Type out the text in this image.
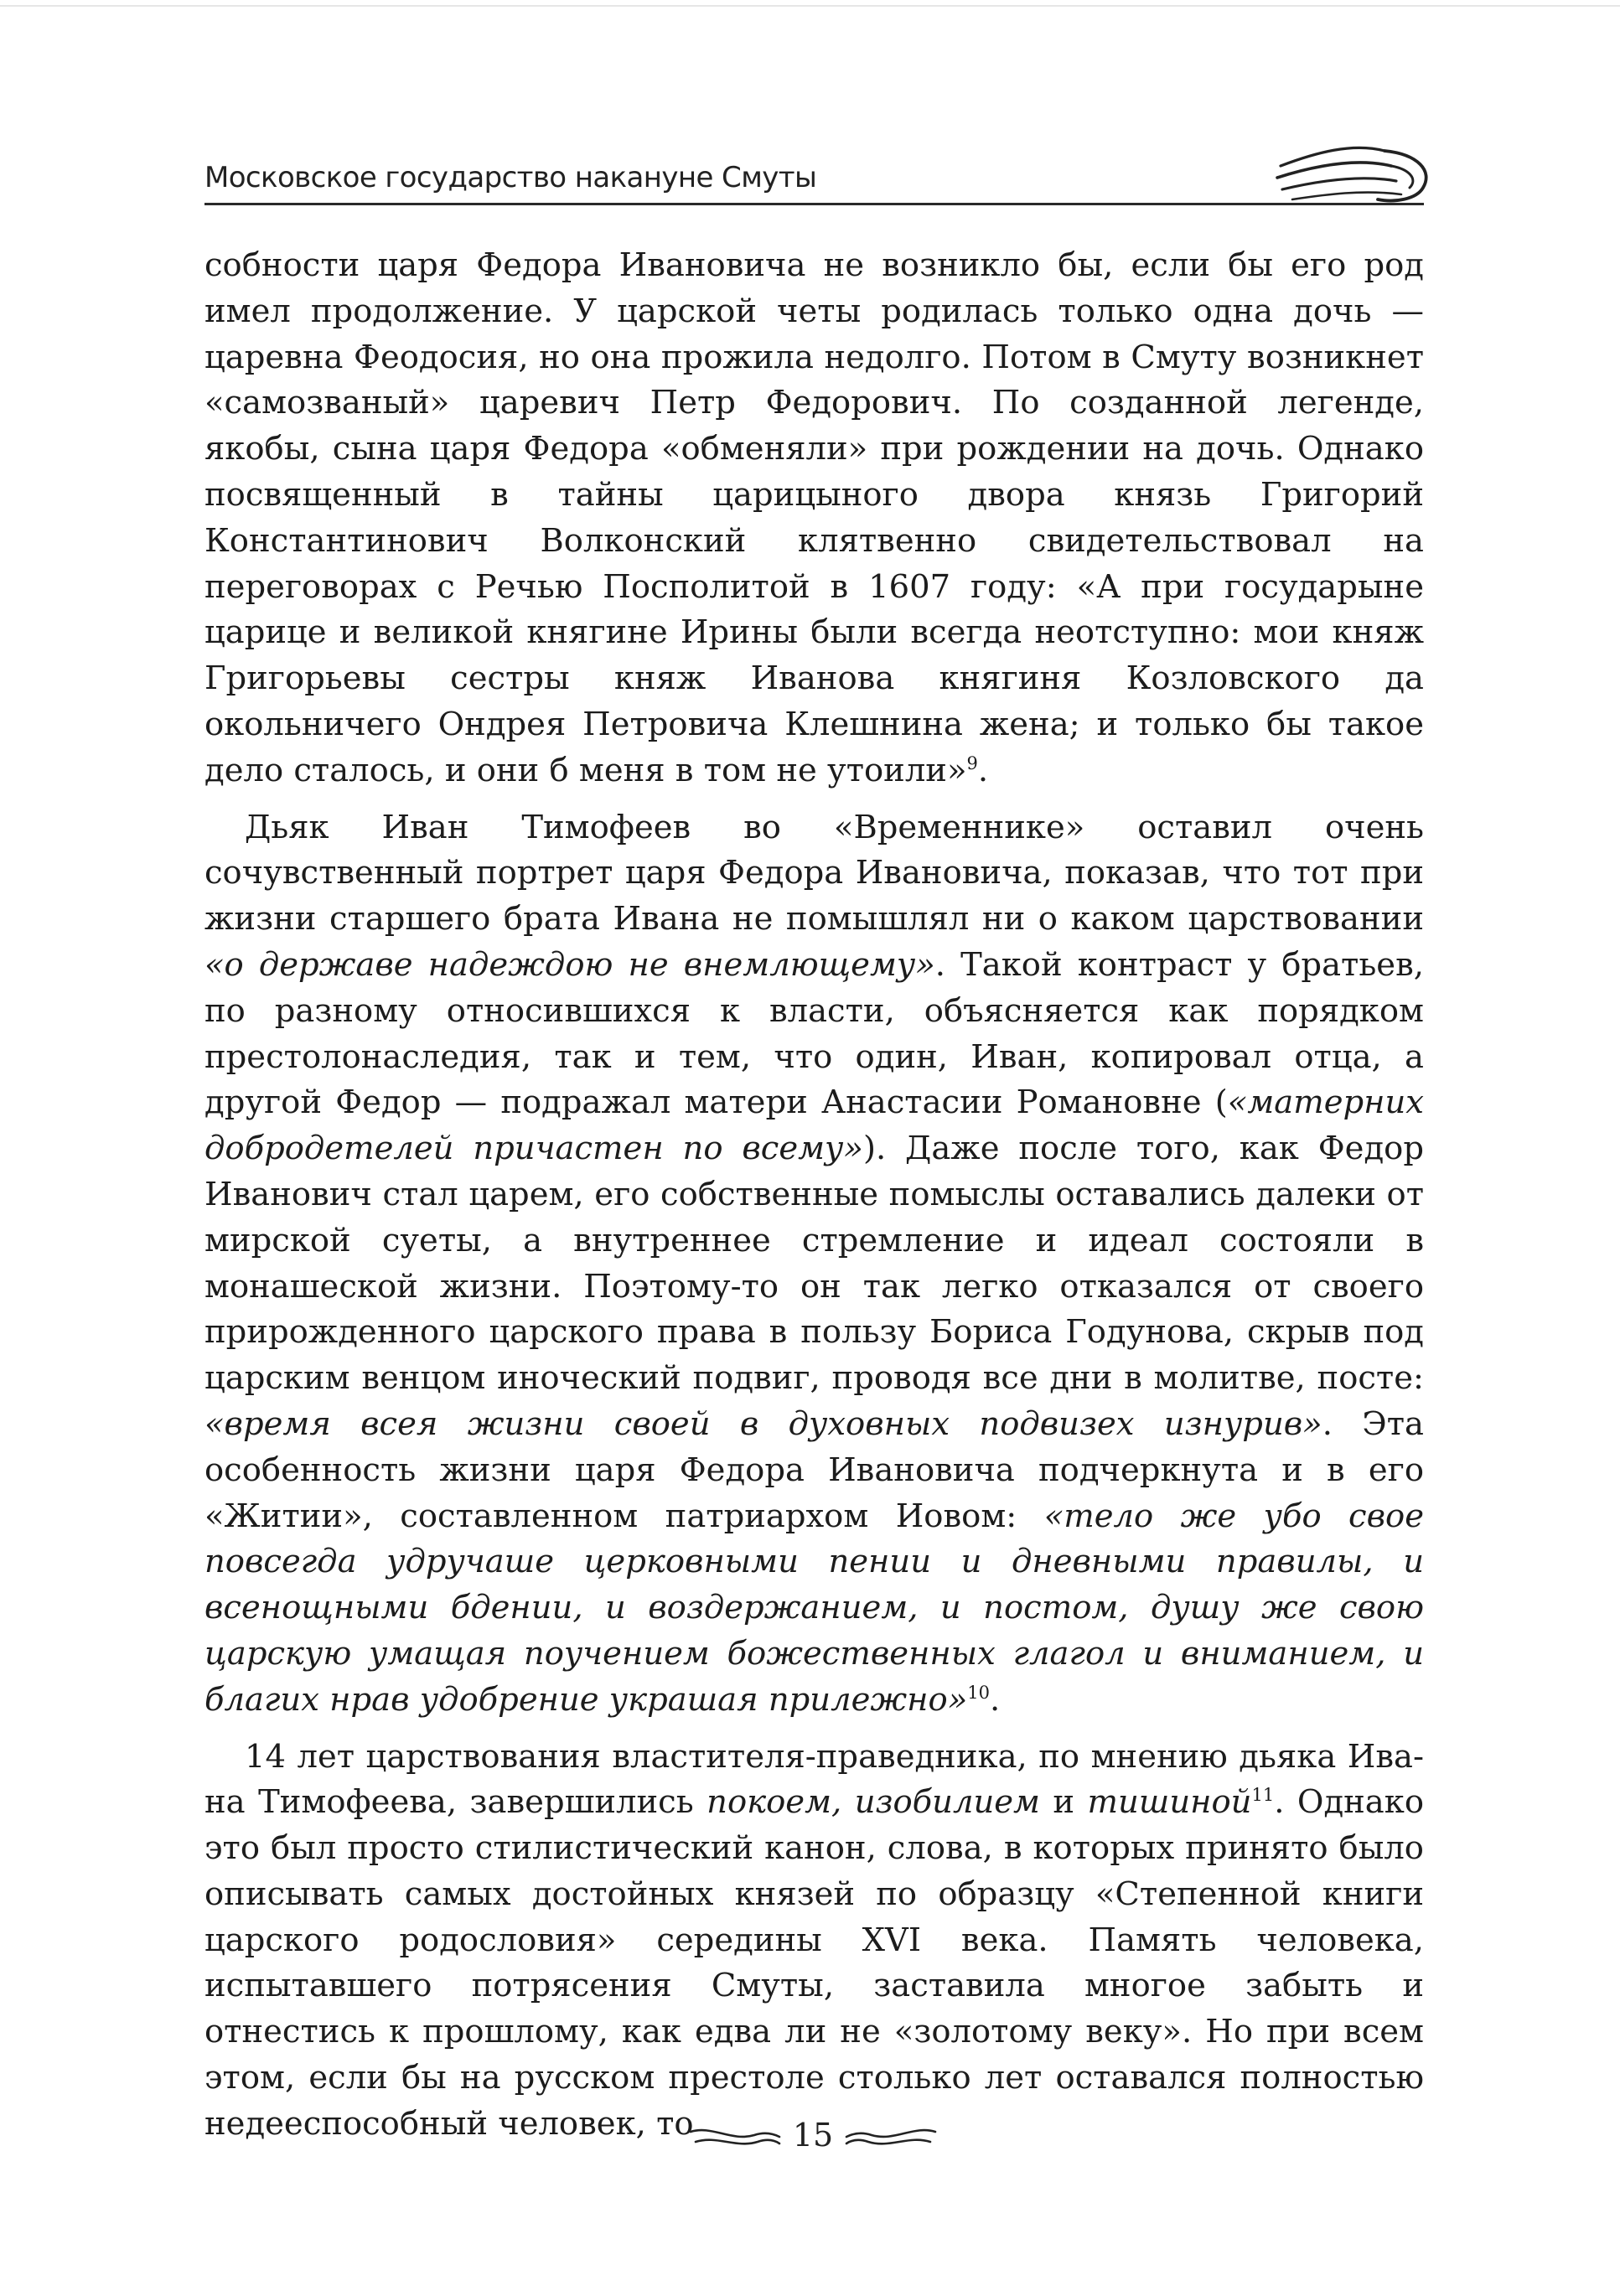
Московское государство накануне Смуты

собности царя Федора Ивановича не возникло бы, если бы его род имел продолжение. У царской четы родилась только одна дочь — царевна Феодосия, но она прожила недолго. Потом в Смуту возникнет «самозваный» царевич Петр Федорович. По созданной легенде, якобы, сына царя Федора «обменяли» при рождении на дочь. Однако посвященный в тайны царицыного двора князь Григорий Константинович Волконский клятвенно свидетельствовал на переговорах с Речью Посполитой в 1607 году: «А при государыне царице и великой княгине Ирины были всегда неотступно: мои княж Григорьевы сестры княж Иванова княгиня Козловского да окольничего Ондрея Петровича Клешнина жена; и только бы такое дело сталось, и они б меня в том не утоили»$^9$.

Дьяк Иван Тимофеев во «Временнике» оставил очень сочувственный портрет царя Федора Ивановича, показав, что тот при жизни старшего брата Ивана не помышлял ни о каком царствовании «о державе надеждою не внемлющему». Такой контраст у братьев, по разному относившихся к власти, объясняется как порядком престолонаследия, так и тем, что один, Иван, копировал отца, а другой Федор — подражал матери Анастасии Романовне («матерних добродетелей причастен по всему»). Даже после того, как Федор Иванович стал царем, его собственные помыслы оставались далеки от мирской суеты, а внутреннее стремление и идеал состояли в монашеской жизни. Поэтому-то он так легко отказался от своего прирожденного царского права в пользу Бориса Годунова, скрыв под царским венцом иноческий подвиг, проводя все дни в молитве, посте: «время всея жизни своей в духовных подвизех изнурив». Эта особенность жизни царя Федора Ивановича подчеркнута и в его «Житии», составленном патриархом Иовом: «тело же убо свое повсегда удручаше церковными пении и дневными правилы, и всенощными бдении, и воздержанием, и постом, душу же свою царскую умащая поучением божественных глагол и вниманием, и благих нрав удобрение украшая прилежно»$^{10}$.

14 лет царствования властителя-праведника, по мнению дьяка Ивана Тимофеева, завершились покоем, изобилием и тишиной$^{11}$. Однако это был просто стилистический канон, слова, в которых принято было описывать самых достойных князей по образцу «Степенной книги царского родословия» середины XVI века. Память человека, испытавшего потрясения Смуты, заставила многое забыть и отнестись к прошлому, как едва ли не «золотому веку». Но при всем этом, если бы на русском престоле столько лет оставался полностью недееспособный человек, то	15
